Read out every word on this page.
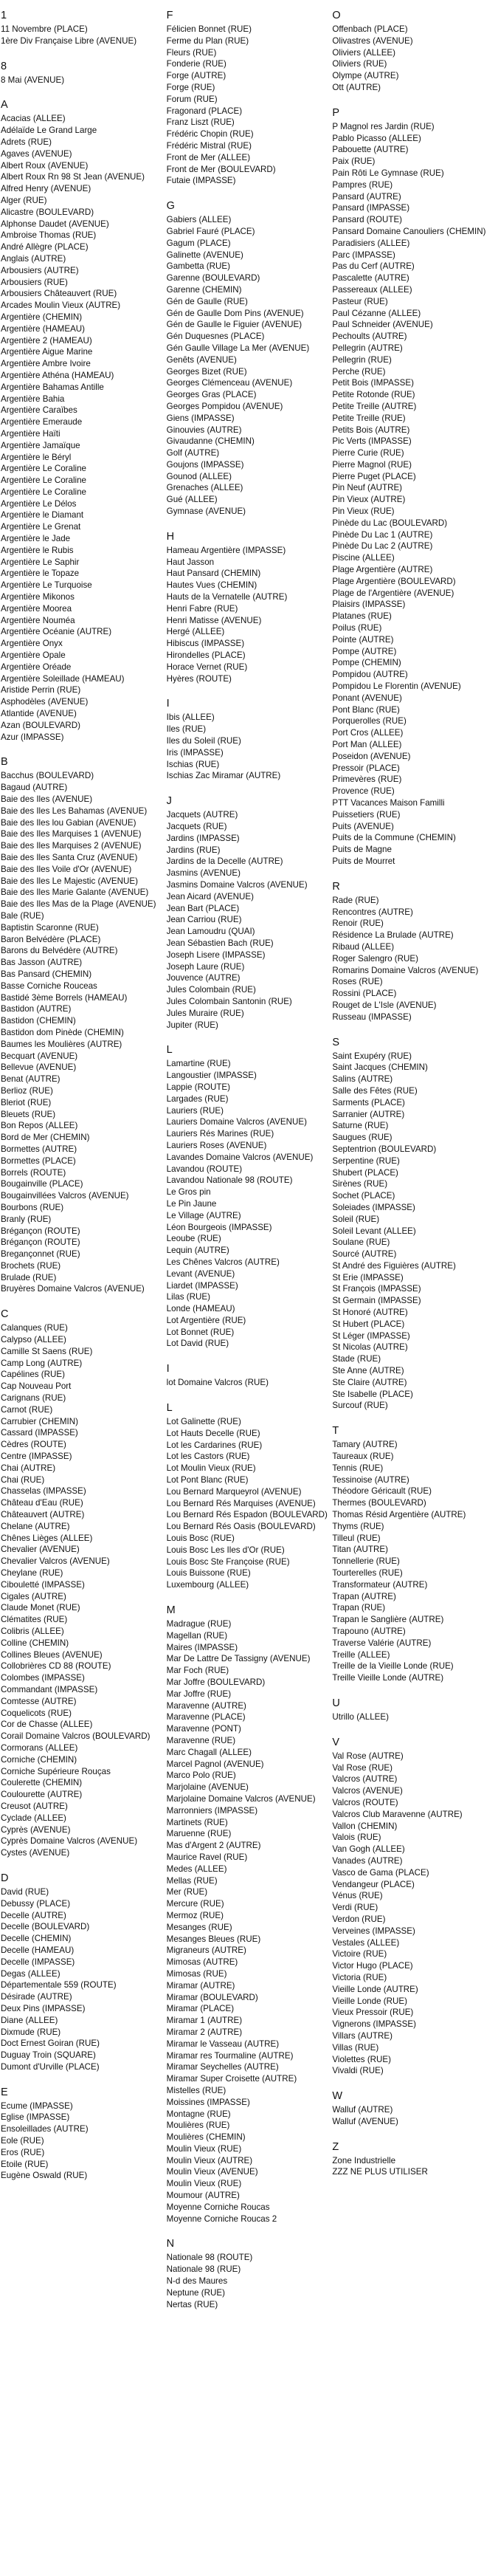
1
11 Novembre (PLACE)
1ère Div Française Libre (AVENUE)
8
8 Mai (AVENUE)
A
Acacias (ALLEE)
Adélaïde Le Grand Large
Adrets (RUE)
Agaves (AVENUE)
Albert Roux (AVENUE)
Albert Roux Rn 98 St Jean (AVENUE)
Alfred Henry (AVENUE)
Alger (RUE)
Alicastre (BOULEVARD)
Alphonse Daudet (AVENUE)
Ambroise Thomas (RUE)
André Allègre (PLACE)
Anglais (AUTRE)
Arbousiers (AUTRE)
Arbousiers (RUE)
Arbousiers Châteauvert (RUE)
Arcades Moulin Vieux (AUTRE)
Argentière (CHEMIN)
Argentière (HAMEAU)
Argentière 2 (HAMEAU)
Argentière Aigue Marine
Argentière Ambre Ivoire
Argentière Athéna (HAMEAU)
Argentière Bahamas Antille
Argentière Bahia
Argentière Caraïbes
Argentière Emeraude
Argentière Haïti
Argentière Jamaïque
Argentière le Béryl
Argentière Le Coraline
Argentière Le Coraline
Argentière Le Coraline
Argentière Le Délos
Argentière le Diamant
Argentière Le Grenat
Argentière le Jade
Argentière le Rubis
Argentière Le Saphir
Argentière le Topaze
Argentière Le Turquoise
Argentière Mikonos
Argentière Moorea
Argentière Nouméa
Argentière Océanie (AUTRE)
Argentière Onyx
Argentière Opale
Argentière Oréade
Argentière Soleillade (HAMEAU)
Aristide Perrin (RUE)
Asphodèles (AVENUE)
Atlantide (AVENUE)
Azan (BOULEVARD)
Azur (IMPASSE)
B
Bacchus (BOULEVARD)
Bagaud (AUTRE)
Baie des Iles (AVENUE)
Baie des Iles Les Bahamas (AVENUE)
Baie des Iles lou Gabian (AVENUE)
Baie des Iles Marquises 1 (AVENUE)
Baie des Iles Marquises 2 (AVENUE)
Baie des Iles Santa Cruz (AVENUE)
Baie des Iles Voile d'Or (AVENUE)
Baie des Iles Le Majestic (AVENUE)
Baie des Iles Marie Galante (AVENUE)
Baie des Iles Mas de la Plage (AVENUE)
Bale (RUE)
Baptistin Scaronne (RUE)
Baron Belvédère (PLACE)
Barons du Belvédère (AUTRE)
Bas Jasson (AUTRE)
Bas Pansard (CHEMIN)
Basse Corniche Rouceas
Bastidé 3ème Borrels (HAMEAU)
Bastidon (AUTRE)
Bastidon (CHEMIN)
Bastidon dom Pinède (CHEMIN)
Baumes les Moulières (AUTRE)
Becquart (AVENUE)
Bellevue (AVENUE)
Benat (AUTRE)
Berlioz (RUE)
Bleriot (RUE)
Bleuets (RUE)
Bon Repos (ALLEE)
Bord de Mer (CHEMIN)
Bormettes (AUTRE)
Bormettes (PLACE)
Borrels (ROUTE)
Bougainville (PLACE)
Bougainvillées Valcros (AVENUE)
Bourbons (RUE)
Branly (RUE)
Brégançon (ROUTE)
Brégançon (ROUTE)
Bregançonnet (RUE)
Brochets (RUE)
Brulade (RUE)
Bruyères Domaine Valcros (AVENUE)
C
Calanques (RUE)
Calypso (ALLEE)
Camille St Saens (RUE)
Camp Long (AUTRE)
Capélines (RUE)
Cap Nouveau Port
Carignans (RUE)
Carnot (RUE)
Carrubier (CHEMIN)
Cassard (IMPASSE)
Cèdres (ROUTE)
Centre (IMPASSE)
Chai (AUTRE)
Chai (RUE)
Chasselas (IMPASSE)
Château d'Eau (RUE)
Châteauvert (AUTRE)
Chelane (AUTRE)
Chênes Lièges (ALLEE)
Chevalier (AVENUE)
Chevalier Valcros (AVENUE)
Cheylane (RUE)
Cibouletté (IMPASSE)
Cigales (AUTRE)
Claude Monet (RUE)
Clématites (RUE)
Colibris (ALLEE)
Colline (CHEMIN)
Collines Bleues (AVENUE)
Collobrières CD 88 (ROUTE)
Colombes (IMPASSE)
Commandant (IMPASSE)
Comtesse (AUTRE)
Coquelicots (RUE)
Cor de Chasse (ALLEE)
Corail Domaine Valcros (BOULEVARD)
Cormorans (ALLEE)
Corniche (CHEMIN)
Corniche Supérieure Rouças
Coulerette (CHEMIN)
Coulourette (AUTRE)
Creusot (AUTRE)
Cyclade (ALLEE)
Cyprès (AVENUE)
Cyprès Domaine Valcros (AVENUE)
Cystes (AVENUE)
D
David (RUE)
Debussy (PLACE)
Decelle (AUTRE)
Decelle (BOULEVARD)
Decelle (CHEMIN)
Decelle (HAMEAU)
Decelle (IMPASSE)
Degas (ALLEE)
Départementale 559 (ROUTE)
Désirade (AUTRE)
Deux Pins (IMPASSE)
Diane (ALLEE)
Dixmude (RUE)
Doct Ernest Goiran (RUE)
Duguay Troin (SQUARE)
Dumont d'Urville (PLACE)
E
Ecume (IMPASSE)
Eglise (IMPASSE)
Ensoleillades (AUTRE)
Eole (RUE)
Eros (RUE)
Etoile (RUE)
Eugène Oswald (RUE)
F
Félicien Bonnet (RUE)
Ferme du Plan (RUE)
Fleurs (RUE)
Fonderie (RUE)
Forge (AUTRE)
Forge (RUE)
Forum (RUE)
Fragonard (PLACE)
Franz Liszt (RUE)
Frédéric Chopin (RUE)
Frédéric Mistral (RUE)
Front de Mer (ALLEE)
Front de Mer (BOULEVARD)
Futaie (IMPASSE)
G
Gabiers (ALLEE)
Gabriel Fauré (PLACE)
Gagum (PLACE)
Galinette (AVENUE)
Gambetta (RUE)
Garenne (BOULEVARD)
Garenne (CHEMIN)
Gén de Gaulle (RUE)
Gén de Gaulle Dom Pins (AVENUE)
Gén de Gaulle le Figuier (AVENUE)
Gén Duquesnes (PLACE)
Gén Gaulle Village La Mer (AVENUE)
Genêts (AVENUE)
Georges Bizet (RUE)
Georges Clémenceau (AVENUE)
Georges Gras (PLACE)
Georges Pompidou (AVENUE)
Giens (IMPASSE)
Ginouvies (AUTRE)
Givaudanne (CHEMIN)
Golf (AUTRE)
Goujons (IMPASSE)
Gounod (ALLEE)
Grenaches (ALLEE)
Gué (ALLEE)
Gymnase (AVENUE)
H
Hameau Argentière (IMPASSE)
Haut Jasson
Haut Pansard (CHEMIN)
Hautes Vues (CHEMIN)
Hauts de la Vernatelle (AUTRE)
Henri Fabre (RUE)
Henri Matisse (AVENUE)
Hergé (ALLEE)
Hibiscus (IMPASSE)
Hirondelles (PLACE)
Horace Vernet (RUE)
Hyères (ROUTE)
I
Ibis (ALLEE)
Iles (RUE)
Iles du Soleil (RUE)
Iris (IMPASSE)
Ischias (RUE)
Ischias Zac Miramar (AUTRE)
J
Jacquets (AUTRE)
Jacquets (RUE)
Jardins (IMPASSE)
Jardins (RUE)
Jardins de la Decelle (AUTRE)
Jasmins (AVENUE)
Jasmins Domaine Valcros (AVENUE)
Jean Aicard (AVENUE)
Jean Bart (PLACE)
Jean Carriou (RUE)
Jean Lamoudru (QUAI)
Jean Sébastien Bach (RUE)
Joseph Lisere (IMPASSE)
Joseph Laure (RUE)
Jouvence (AUTRE)
Jules Colombain (RUE)
Jules Colombain Santonin (RUE)
Jules Muraire (RUE)
Jupiter (RUE)
L
Lamartine (RUE)
Langoustier (IMPASSE)
Lappie (ROUTE)
Largades (RUE)
Lauriers (RUE)
Lauriers Domaine Valcros (AVENUE)
Lauriers Rés Marines (RUE)
Lauriers Roses (AVENUE)
Lavandes Domaine Valcros (AVENUE)
Lavandou (ROUTE)
Lavandou Nationale 98 (ROUTE)
Le Gros pin
Le Pin Jaune
Le Village (AUTRE)
Léon Bourgeois (IMPASSE)
Leoube (RUE)
Lequin (AUTRE)
Les Chênes Valcros (AUTRE)
Levant (AVENUE)
Liardet (IMPASSE)
Lilas (RUE)
Londe (HAMEAU)
Lot Argentière (RUE)
Lot Bonnet (RUE)
Lot David (RUE)
I
lot Domaine Valcros (RUE)
L
Lot Galinette (RUE)
Lot Hauts Decelle (RUE)
Lot les Cardarines (RUE)
Lot les Castors (RUE)
Lot Moulin Vieux (RUE)
Lot Pont Blanc (RUE)
Lou Bernard Marqueyrol (AVENUE)
Lou Bernard Rés Marquises (AVENUE)
Lou Bernard Rés Espadon (BOULEVARD)
Lou Bernard Rés Oasis (BOULEVARD)
Louis Bosc (RUE)
Louis Bosc Les Iles d'Or (RUE)
Louis Bosc Ste Françoise (RUE)
Louis Buissone (RUE)
Luxembourg (ALLEE)
M
Madrague (RUE)
Magellan (RUE)
Maires (IMPASSE)
Mar De Lattre De Tassigny (AVENUE)
Mar Foch (RUE)
Mar Joffre (BOULEVARD)
Mar Joffre (RUE)
Maravenne (AUTRE)
Maravenne (PLACE)
Maravenne (PONT)
Maravenne (RUE)
Marc Chagall (ALLEE)
Marcel Pagnol (AVENUE)
Marco Polo (RUE)
Marjolaine (AVENUE)
Marjolaine Domaine Valcros (AVENUE)
Marronniers (IMPASSE)
Martinets (RUE)
Maruenne (RUE)
Mas d'Argent 2 (AUTRE)
Maurice Ravel (RUE)
Medes (ALLEE)
Mellas (RUE)
Mer (RUE)
Mercure (RUE)
Mermoz (RUE)
Mesanges (RUE)
Mesanges Bleues (RUE)
Migraneurs (AUTRE)
Mimosas (AUTRE)
Mimosas (RUE)
Miramar (AUTRE)
Miramar (BOULEVARD)
Miramar (PLACE)
Miramar 1 (AUTRE)
Miramar 2 (AUTRE)
Miramar le Vasseau (AUTRE)
Miramar res Tourmaline (AUTRE)
Miramar Seychelles (AUTRE)
Miramar Super Croisette (AUTRE)
Mistelles (RUE)
Moissines (IMPASSE)
Montagne (RUE)
Moulières (RUE)
Moulières (CHEMIN)
Moulin Vieux (RUE)
Moulin Vieux (AUTRE)
Moulin Vieux (AVENUE)
Moulin Vieux (RUE)
Moumour (AUTRE)
Moyenne Corniche Roucas
Moyenne Corniche Roucas 2
N
Nationale 98 (ROUTE)
Nationale 98 (RUE)
N-d des Maures
Neptune (RUE)
Nertas (RUE)
O
Offenbach (PLACE)
Olivastres (AVENUE)
Oliviers (ALLEE)
Oliviers (RUE)
Olympe (AUTRE)
Ott (AUTRE)
P
P Magnol res Jardin (RUE)
Pablo Picasso (ALLEE)
Pabouette (AUTRE)
Paix (RUE)
Pain Rôti Le Gymnase (RUE)
Pampres (RUE)
Pansard (AUTRE)
Pansard (IMPASSE)
Pansard (ROUTE)
Pansard Domaine Canouliers (CHEMIN)
Paradisiers (ALLEE)
Parc (IMPASSE)
Pas du Cerf (AUTRE)
Pascalette (AUTRE)
Passereaux (ALLEE)
Pasteur (RUE)
Paul Cézanne (ALLEE)
Paul Schneider (AVENUE)
Pechoults (AUTRE)
Pellegrin (AUTRE)
Pellegrin (RUE)
Perche (RUE)
Petit Bois (IMPASSE)
Petite Rotonde (RUE)
Petite Treille (AUTRE)
Petite Treille (RUE)
Petits Bois (AUTRE)
Pic Verts (IMPASSE)
Pierre Curie (RUE)
Pierre Magnol (RUE)
Pierre Puget (PLACE)
Pin Neuf (AUTRE)
Pin Vieux (AUTRE)
Pin Vieux (RUE)
Pinède du Lac (BOULEVARD)
Pinède Du Lac 1 (AUTRE)
Pinède Du Lac 2 (AUTRE)
Piscine (ALLEE)
Plage Argentière (AUTRE)
Plage Argentière (BOULEVARD)
Plage de l'Argentière (AVENUE)
Plaisirs (IMPASSE)
Platanes (RUE)
Poilus (RUE)
Pointe (AUTRE)
Pompe (AUTRE)
Pompe (CHEMIN)
Pompidou (AUTRE)
Pompidou Le Florentin (AVENUE)
Ponant (AVENUE)
Pont Blanc (RUE)
Porquerolles (RUE)
Port Cros (ALLEE)
Port Man (ALLEE)
Poseidon (AVENUE)
Pressoir (PLACE)
Primevères (RUE)
Provence (RUE)
PTT Vacances Maison Familli
Puissetiers (RUE)
Puits (AVENUE)
Puits de la Commune (CHEMIN)
Puits de Magne
Puits de Mourret
R
Rade (RUE)
Rencontres (AUTRE)
Renoir (RUE)
Résidence La Brulade (AUTRE)
Ribaud (ALLEE)
Roger Salengro (RUE)
Romarins Domaine Valcros (AVENUE)
Roses (RUE)
Rossini (PLACE)
Rouget de L'Isle (AVENUE)
Russeau (IMPASSE)
S
Saint Exupéry (RUE)
Saint Jacques (CHEMIN)
Salins (AUTRE)
Salle des Fêtes (RUE)
Sarments (PLACE)
Sarranier (AUTRE)
Saturne (RUE)
Saugues (RUE)
Septentrion (BOULEVARD)
Serpentine (RUE)
Shubert (PLACE)
Sirènes (RUE)
Sochet (PLACE)
Soleiades (IMPASSE)
Soleil (RUE)
Soleil Levant (ALLEE)
Soulane (RUE)
Sourcé (AUTRE)
St André des Figuières (AUTRE)
St Erie (IMPASSE)
St François (IMPASSE)
St Germain (IMPASSE)
St Honoré (AUTRE)
St Hubert (PLACE)
St Léger (IMPASSE)
St Nicolas (AUTRE)
Stade (RUE)
Ste Anne (AUTRE)
Ste Claire (AUTRE)
Ste Isabelle (PLACE)
Surcouf (RUE)
T
Tamary (AUTRE)
Taureaux (RUE)
Tennis (RUE)
Tessinoise (AUTRE)
Théodore Géricault (RUE)
Thermes (BOULEVARD)
Thomas Résid Argentière (AUTRE)
Thyms (RUE)
Tilleul (RUE)
Titan (AUTRE)
Tonnellerie (RUE)
Tourterelles (RUE)
Transformateur (AUTRE)
Trapan (AUTRE)
Trapan (RUE)
Trapan le Sanglière (AUTRE)
Trapouno (AUTRE)
Traverse Valérie (AUTRE)
Treille (ALLEE)
Treille de la Vieille Londe (RUE)
Treille Vieille Londe (AUTRE)
U
Utrillo (ALLEE)
V
Val Rose (AUTRE)
Val Rose (RUE)
Valcros (AUTRE)
Valcros (AVENUE)
Valcros (ROUTE)
Valcros Club Maravenne (AUTRE)
Vallon (CHEMIN)
Valois (RUE)
Van Gogh (ALLEE)
Vanades (AUTRE)
Vasco de Gama (PLACE)
Vendangeur (PLACE)
Vénus (RUE)
Verdi (RUE)
Verdon (RUE)
Verveines (IMPASSE)
Vestales (ALLEE)
Victoire (RUE)
Victor Hugo (PLACE)
Victoria (RUE)
Vieille Londe (AUTRE)
Vieille Londe (RUE)
Vieux Pressoir (RUE)
Vignerons (IMPASSE)
Villars (AUTRE)
Villas (RUE)
Violettes (RUE)
Vivaldi (RUE)
W
Walluf (AUTRE)
Walluf (AVENUE)
Z
Zone Industrielle
ZZZ NE PLUS UTILISER
